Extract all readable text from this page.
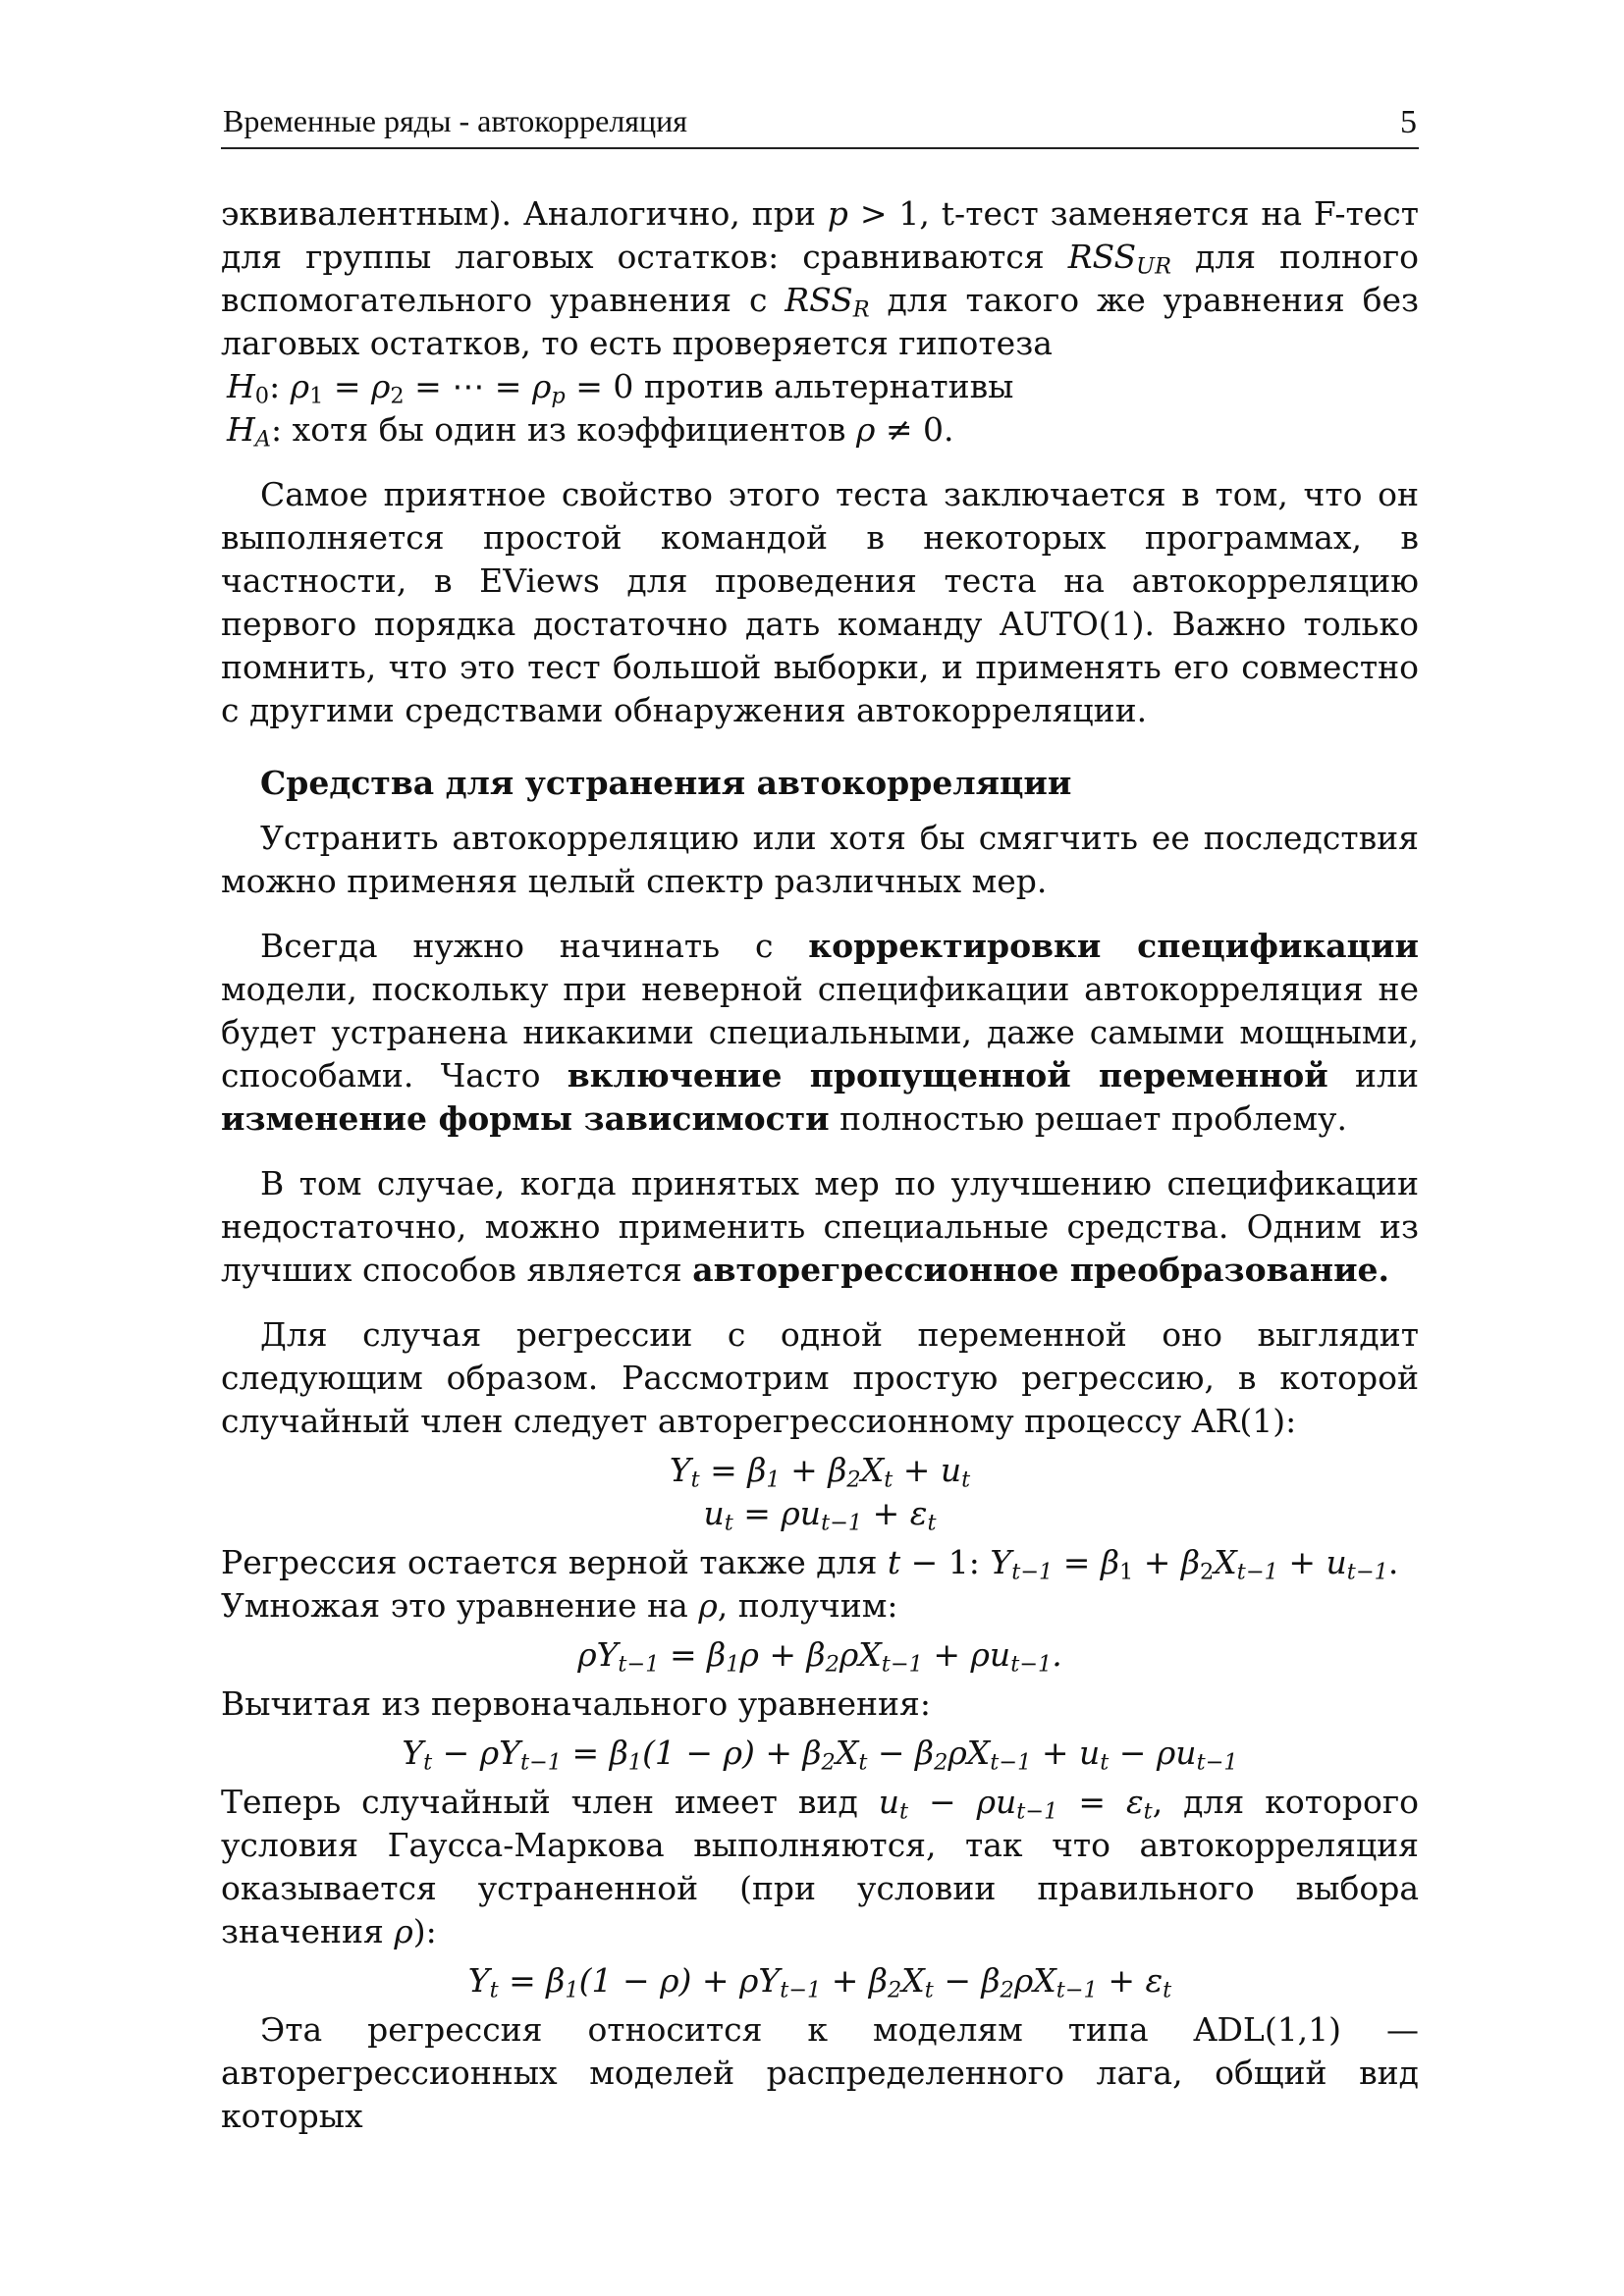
Временные ряды - автокорреляция	5

эквивалентным). Аналогично, при p > 1, t-тест заменяется на F-тест для группы лаговых остатков: сравниваются $RSS_{UR}$ для полного вспомогательного уравнения с $RSS_R$ для такого же уравнения без лаговых остатков, то есть проверяется гипотеза

$H_0$: $\rho_1 = \rho_2$ = ⋯ = $\rho_p = 0$ против альтернативы

$H_A$: хотя бы один из коэффициентов ρ ≠ 0.

Самое приятное свойство этого теста заключается в том, что он выполняется простой командой в некоторых программах, в частности, в EViews для проведения теста на автокорреляцию первого порядка достаточно дать команду AUTO(1). Важно только помнить, что это тест большой выборки, и применять его совместно с другими средствами обнаружения автокорреляции.

Средства для устранения автокорреляции

Устранить автокорреляцию или хотя бы смягчить ее последствия можно применяя целый спектр различных мер.

Всегда нужно начинать с корректировки спецификации модели, поскольку при неверной спецификации автокорреляция не будет устранена никакими специальными, даже самыми мощными, способами. Часто включение пропущенной переменной или изменение формы зависимости полностью решает проблему.

В том случае, когда принятых мер по улучшению спецификации недостаточно, можно применить специальные средства. Одним из лучших способов является авторегрессионное преобразование.

Для случая регрессии с одной переменной оно выглядит следующим образом. Рассмотрим простую регрессию, в которой случайный член следует авторегрессионному процессу AR(1):

$Y_t = \beta_1 + \beta_2X_t + u_t$

$u_t = \rho u_{t-1} + \varepsilon_t$

Регрессия остается верной также для t − 1: $Y_{t-1} = \beta_1 + \beta_2X_{t-1} + u_{t-1}$.
Умножая это уравнение на ρ, получим:

$\rho Y_{t-1} = \beta_1\rho + \beta_2\rho X_{t-1} + \rho u_{t-1}$.

Вычитая из первоначального уравнения:

$Y_t - \rho Y_{t-1} = \beta_1(1 - \rho) + \beta_2X_t - \beta_2\rho X_{t-1} + u_t - \rho u_{t-1}$

Теперь случайный член имеет вид $u_t - \rho u_{t-1} = \varepsilon_t$, для которого условия Гаусса-Маркова выполняются, так что автокорреляция оказывается устраненной (при условии правильного выбора значения ρ):

$Y_t = \beta_1(1 - \rho) + \rho Y_{t-1} + \beta_2X_t - \beta_2\rho X_{t-1} + \varepsilon_t$

Эта регрессия относится к моделям типа ADL(1,1) — авторегрессионных моделей распределенного лага, общий вид которых
